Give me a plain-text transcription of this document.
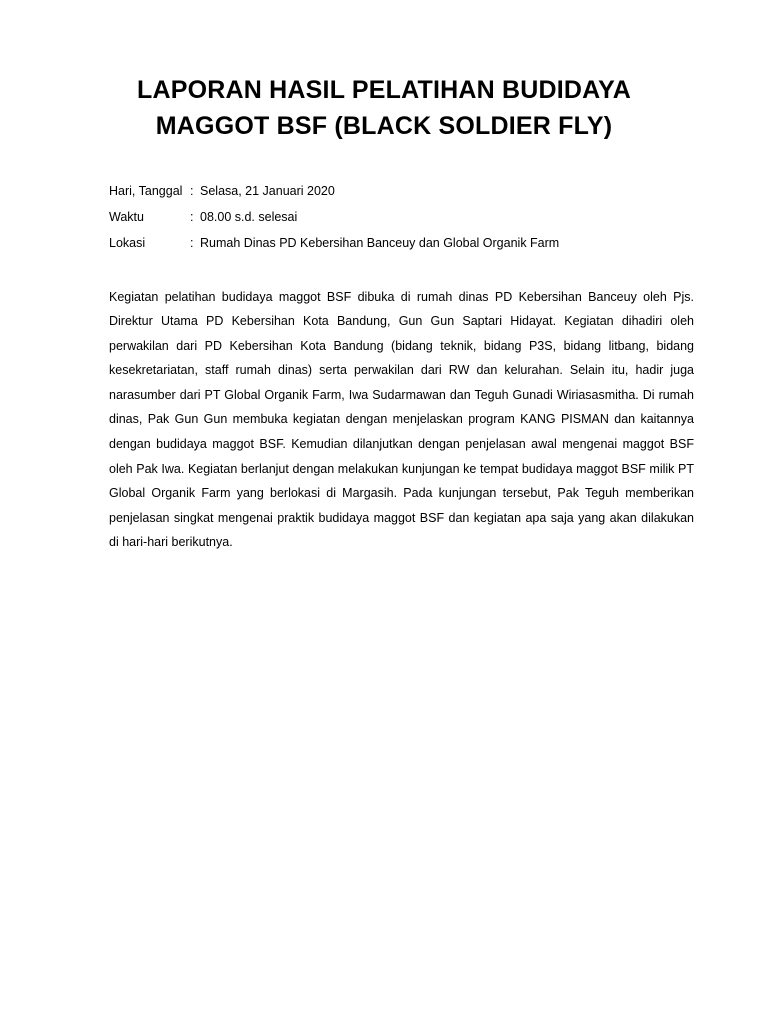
LAPORAN HASIL PELATIHAN BUDIDAYA
MAGGOT BSF (BLACK SOLDIER FLY)
Hari, Tanggal : Selasa, 21 Januari 2020
Waktu	: 08.00 s.d. selesai
Lokasi	: Rumah Dinas PD Kebersihan Banceuy dan Global Organik Farm

Kegiatan pelatihan budidaya maggot BSF dibuka di rumah dinas PD Kebersihan Banceuy oleh Pjs. Direktur Utama PD Kebersihan Kota Bandung, Gun Gun Saptari Hidayat. Kegiatan dihadiri oleh perwakilan dari PD Kebersihan Kota Bandung (bidang teknik, bidang P3S, bidang litbang, bidang kesekretariatan, staff rumah dinas) serta perwakilan dari RW dan kelurahan. Selain itu, hadir juga narasumber dari PT Global Organik Farm, Iwa Sudarmawan dan Teguh Gunadi Wiriasasmitha. Di rumah dinas, Pak Gun Gun membuka kegiatan dengan menjelaskan program KANG PISMAN dan kaitannya dengan budidaya maggot BSF. Kemudian dilanjutkan dengan penjelasan awal mengenai maggot BSF oleh Pak Iwa. Kegiatan berlanjut dengan melakukan kunjungan ke tempat budidaya maggot BSF milik PT Global Organik Farm yang berlokasi di Margasih. Pada kunjungan tersebut, Pak Teguh memberikan penjelasan singkat mengenai praktik budidaya maggot BSF dan kegiatan apa saja yang akan dilakukan di hari-hari berikutnya.
